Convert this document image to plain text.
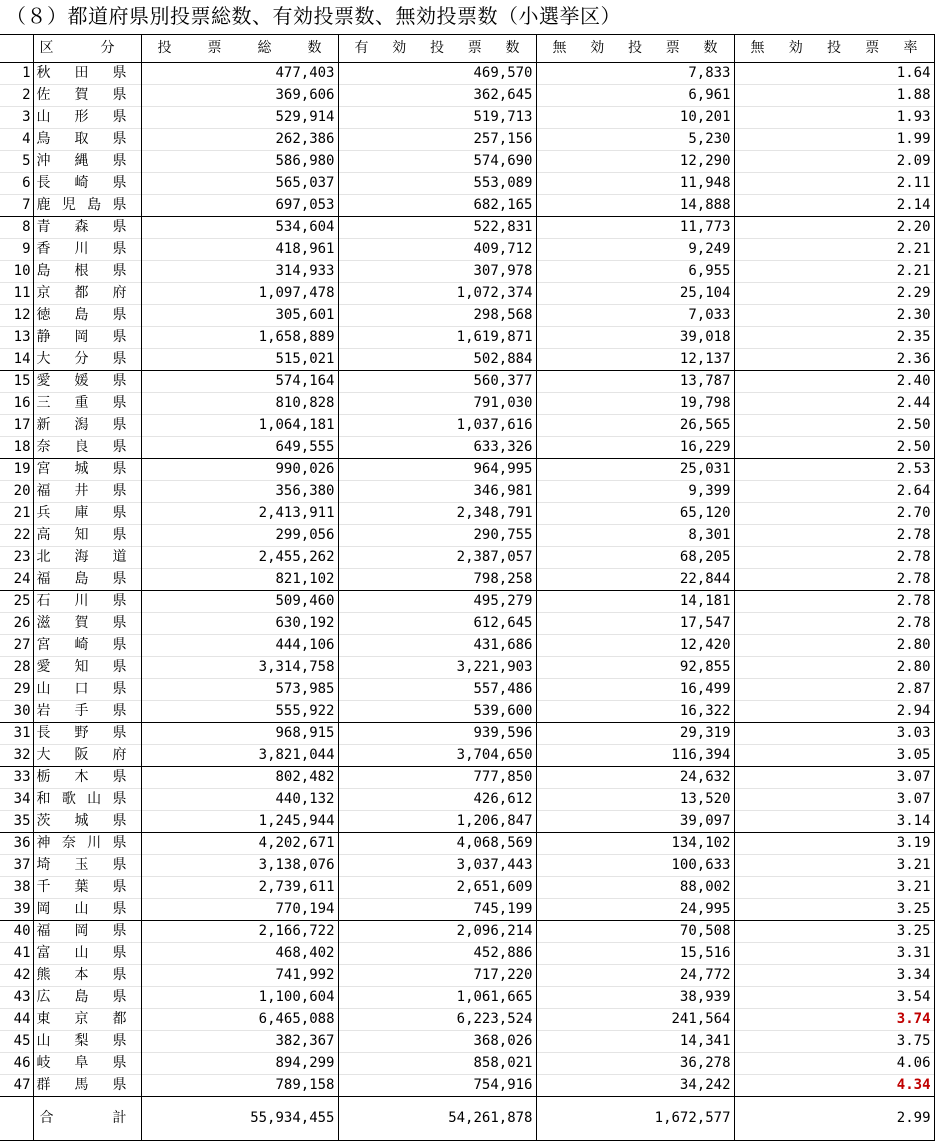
（８）都道府県別投票総数、有効投票数、無効投票数（小選挙区）
	区　　分	投 票 総 数	有 効 投 票 数	無 効 投 票 数	無 効 投 票 率
1	秋田県	477,403	469,570	7,833	1.64
2	佐賀県	369,606	362,645	6,961	1.88
3	山形県	529,914	519,713	10,201	1.93
4	鳥取県	262,386	257,156	5,230	1.99
5	沖縄県	586,980	574,690	12,290	2.09
6	長崎県	565,037	553,089	11,948	2.11
7	鹿児島県	697,053	682,165	14,888	2.14
8	青森県	534,604	522,831	11,773	2.20
9	香川県	418,961	409,712	9,249	2.21
10	島根県	314,933	307,978	6,955	2.21
11	京都府	1,097,478	1,072,374	25,104	2.29
12	徳島県	305,601	298,568	7,033	2.30
13	静岡県	1,658,889	1,619,871	39,018	2.35
14	大分県	515,021	502,884	12,137	2.36
15	愛媛県	574,164	560,377	13,787	2.40
16	三重県	810,828	791,030	19,798	2.44
17	新潟県	1,064,181	1,037,616	26,565	2.50
18	奈良県	649,555	633,326	16,229	2.50
19	宮城県	990,026	964,995	25,031	2.53
20	福井県	356,380	346,981	9,399	2.64
21	兵庫県	2,413,911	2,348,791	65,120	2.70
22	高知県	299,056	290,755	8,301	2.78
23	北海道	2,455,262	2,387,057	68,205	2.78
24	福島県	821,102	798,258	22,844	2.78
25	石川県	509,460	495,279	14,181	2.78
26	滋賀県	630,192	612,645	17,547	2.78
27	宮崎県	444,106	431,686	12,420	2.80
28	愛知県	3,314,758	3,221,903	92,855	2.80
29	山口県	573,985	557,486	16,499	2.87
30	岩手県	555,922	539,600	16,322	2.94
31	長野県	968,915	939,596	29,319	3.03
32	大阪府	3,821,044	3,704,650	116,394	3.05
33	栃木県	802,482	777,850	24,632	3.07
34	和歌山県	440,132	426,612	13,520	3.07
35	茨城県	1,245,944	1,206,847	39,097	3.14
36	神奈川県	4,202,671	4,068,569	134,102	3.19
37	埼玉県	3,138,076	3,037,443	100,633	3.21
38	千葉県	2,739,611	2,651,609	88,002	3.21
39	岡山県	770,194	745,199	24,995	3.25
40	福岡県	2,166,722	2,096,214	70,508	3.25
41	富山県	468,402	452,886	15,516	3.31
42	熊本県	741,992	717,220	24,772	3.34
43	広島県	1,100,604	1,061,665	38,939	3.54
44	東京都	6,465,088	6,223,524	241,564	3.74
45	山梨県	382,367	368,026	14,341	3.75
46	岐阜県	894,299	858,021	36,278	4.06
47	群馬県	789,158	754,916	34,242	4.34
	合計	55,934,455	54,261,878	1,672,577	2.99
